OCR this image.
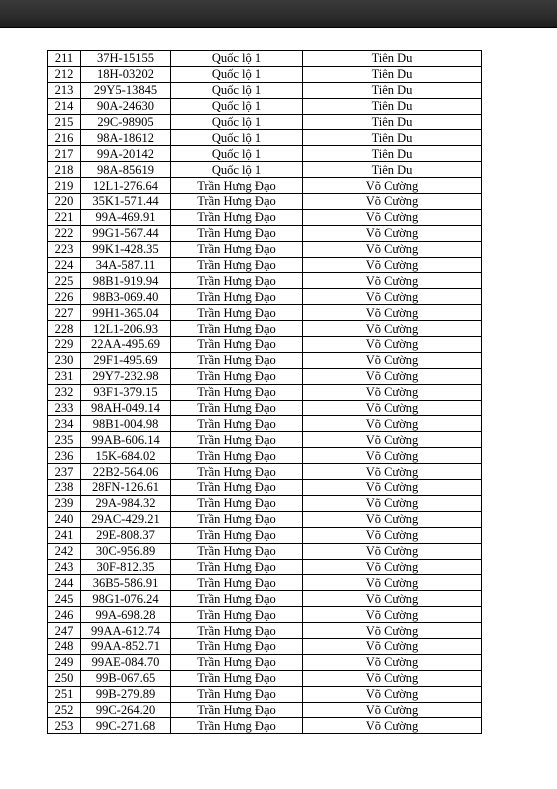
211	37H-15155	Quốc lộ 1	Tiên Du
212	18H-03202	Quốc lộ 1	Tiên Du
213	29Y5-13845	Quốc lộ 1	Tiên Du
214	90A-24630	Quốc lộ 1	Tiên Du
215	29C-98905	Quốc lộ 1	Tiên Du
216	98A-18612	Quốc lộ 1	Tiên Du
217	99A-20142	Quốc lộ 1	Tiên Du
218	98A-85619	Quốc lộ 1	Tiên Du
219	12L1-276.64	Trần Hưng Đạo	Võ Cường
220	35K1-571.44	Trần Hưng Đạo	Võ Cường
221	99A-469.91	Trần Hưng Đạo	Võ Cường
222	99G1-567.44	Trần Hưng Đạo	Võ Cường
223	99K1-428.35	Trần Hưng Đạo	Võ Cường
224	34A-587.11	Trần Hưng Đạo	Võ Cường
225	98B1-919.94	Trần Hưng Đạo	Võ Cường
226	98B3-069.40	Trần Hưng Đạo	Võ Cường
227	99H1-365.04	Trần Hưng Đạo	Võ Cường
228	12L1-206.93	Trần Hưng Đạo	Võ Cường
229	22AA-495.69	Trần Hưng Đạo	Võ Cường
230	29F1-495.69	Trần Hưng Đạo	Võ Cường
231	29Y7-232.98	Trần Hưng Đạo	Võ Cường
232	93F1-379.15	Trần Hưng Đạo	Võ Cường
233	98AH-049.14	Trần Hưng Đạo	Võ Cường
234	98B1-004.98	Trần Hưng Đạo	Võ Cường
235	99AB-606.14	Trần Hưng Đạo	Võ Cường
236	15K-684.02	Trần Hưng Đạo	Võ Cường
237	22B2-564.06	Trần Hưng Đạo	Võ Cường
238	28FN-126.61	Trần Hưng Đạo	Võ Cường
239	29A-984.32	Trần Hưng Đạo	Võ Cường
240	29AC-429.21	Trần Hưng Đạo	Võ Cường
241	29E-808.37	Trần Hưng Đạo	Võ Cường
242	30C-956.89	Trần Hưng Đạo	Võ Cường
243	30F-812.35	Trần Hưng Đạo	Võ Cường
244	36B5-586.91	Trần Hưng Đạo	Võ Cường
245	98G1-076.24	Trần Hưng Đạo	Võ Cường
246	99A-698.28	Trần Hưng Đạo	Võ Cường
247	99AA-612.74	Trần Hưng Đạo	Võ Cường
248	99AA-852.71	Trần Hưng Đạo	Võ Cường
249	99AE-084.70	Trần Hưng Đạo	Võ Cường
250	99B-067.65	Trần Hưng Đạo	Võ Cường
251	99B-279.89	Trần Hưng Đạo	Võ Cường
252	99C-264.20	Trần Hưng Đạo	Võ Cường
253	99C-271.68	Trần Hưng Đạo	Võ Cường
